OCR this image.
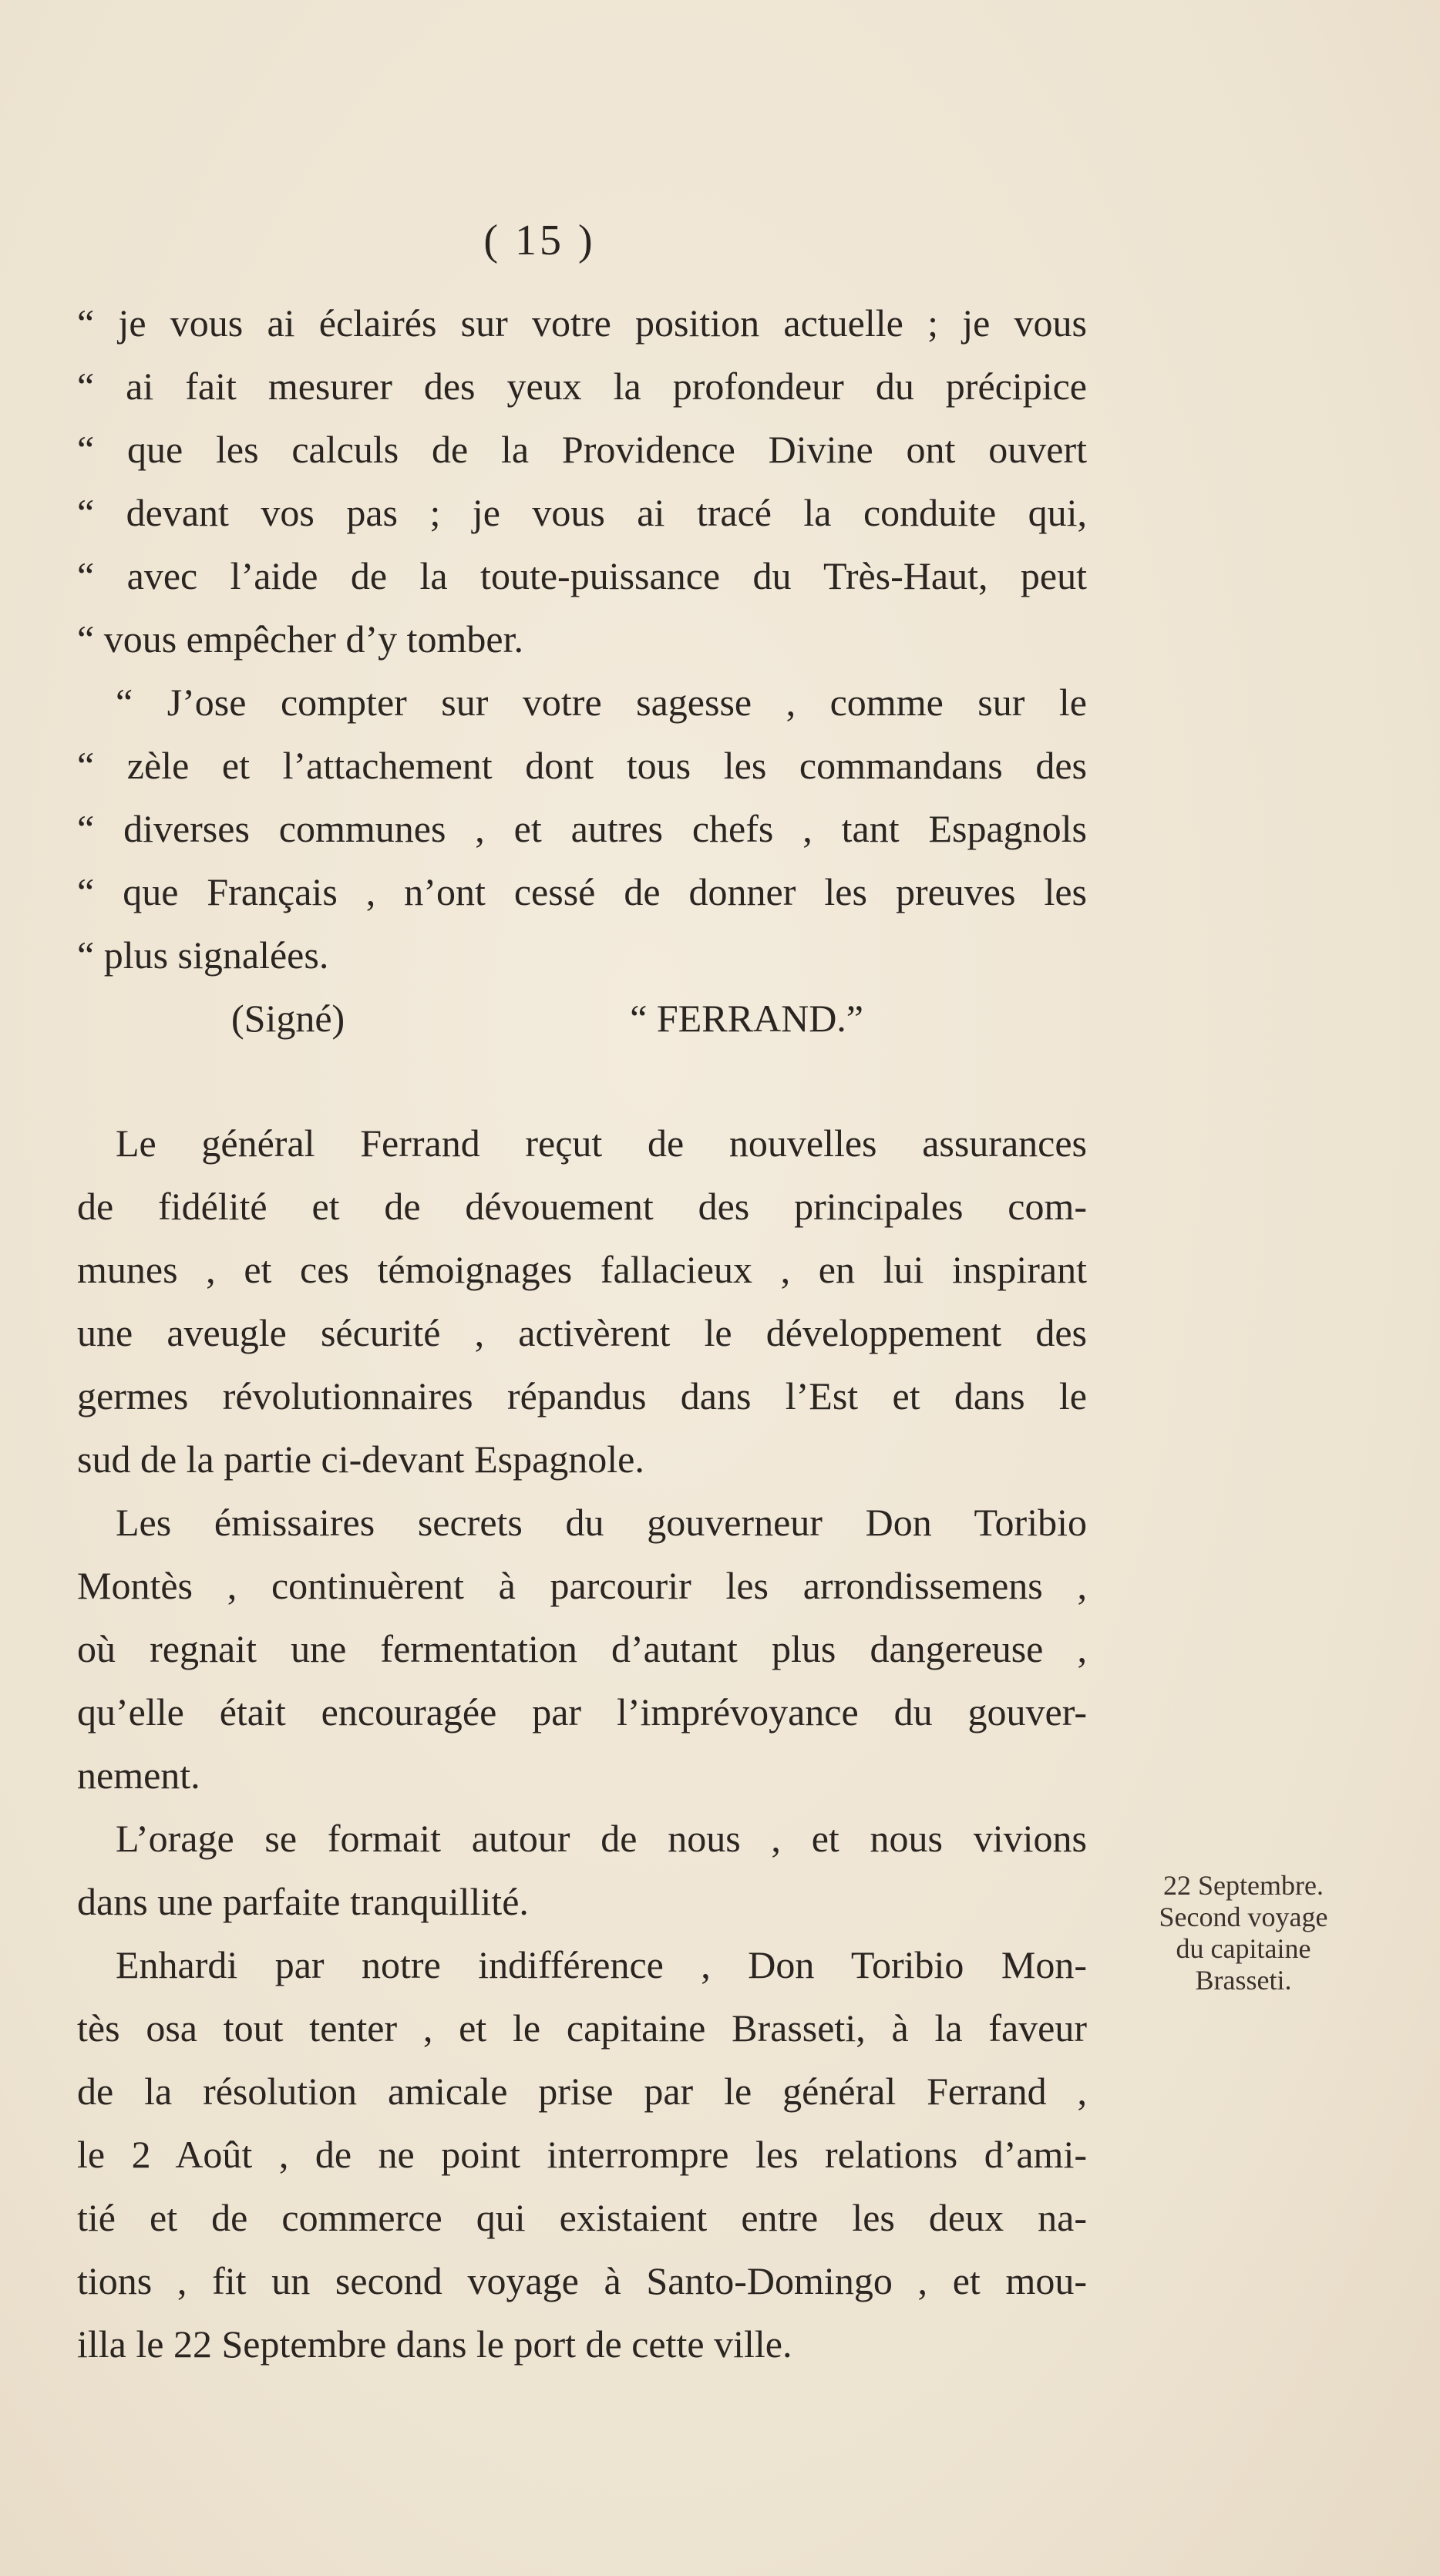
( 15 )
“ je vous ai éclairés sur votre position actuelle ; je vous
“ ai fait mesurer des yeux la profondeur du précipice
“ que les calculs de la Providence Divine ont ouvert
“ devant vos pas ; je vous ai tracé la conduite qui,
“ avec l’aide de la toute-puissance du Très-Haut, peut
“ vous empêcher d’y tomber.
“ J’ose compter sur votre sagesse , comme sur le
“ zèle et l’attachement dont tous les commandans des
“ diverses communes , et autres chefs , tant Espagnols
“ que Français , n’ont cessé de donner les preuves les
“ plus signalées.
(Signé)	“ FERRAND.”
Le général Ferrand reçut de nouvelles assurances
de fidélité et de dévouement des principales com-
munes , et ces témoignages fallacieux , en lui inspirant
une aveugle sécurité , activèrent le développement des
germes révolutionnaires répandus dans l’Est et dans le
sud de la partie ci-devant Espagnole.
Les émissaires secrets du gouverneur Don Toribio
Montès , continuèrent à parcourir les arrondissemens ,
où regnait une fermentation d’autant plus dangereuse ,
qu’elle était encouragée par l’imprévoyance du gouver-
nement.
L’orage se formait autour de nous , et nous vivions
dans une parfaite tranquillité.
Enhardi par notre indifférence , Don Toribio Mon-
tès osa tout tenter , et le capitaine Brasseti, à la faveur
de la résolution amicale prise par le général Ferrand ,
le 2 Août , de ne point interrompre les relations d’ami-
tié et de commerce qui existaient entre les deux na-
tions , fit un second voyage à Santo-Domingo , et mou-
illa le 22 Septembre dans le port de cette ville.
22 Septembre.
Second voyage
du capitaine
Brasseti.
